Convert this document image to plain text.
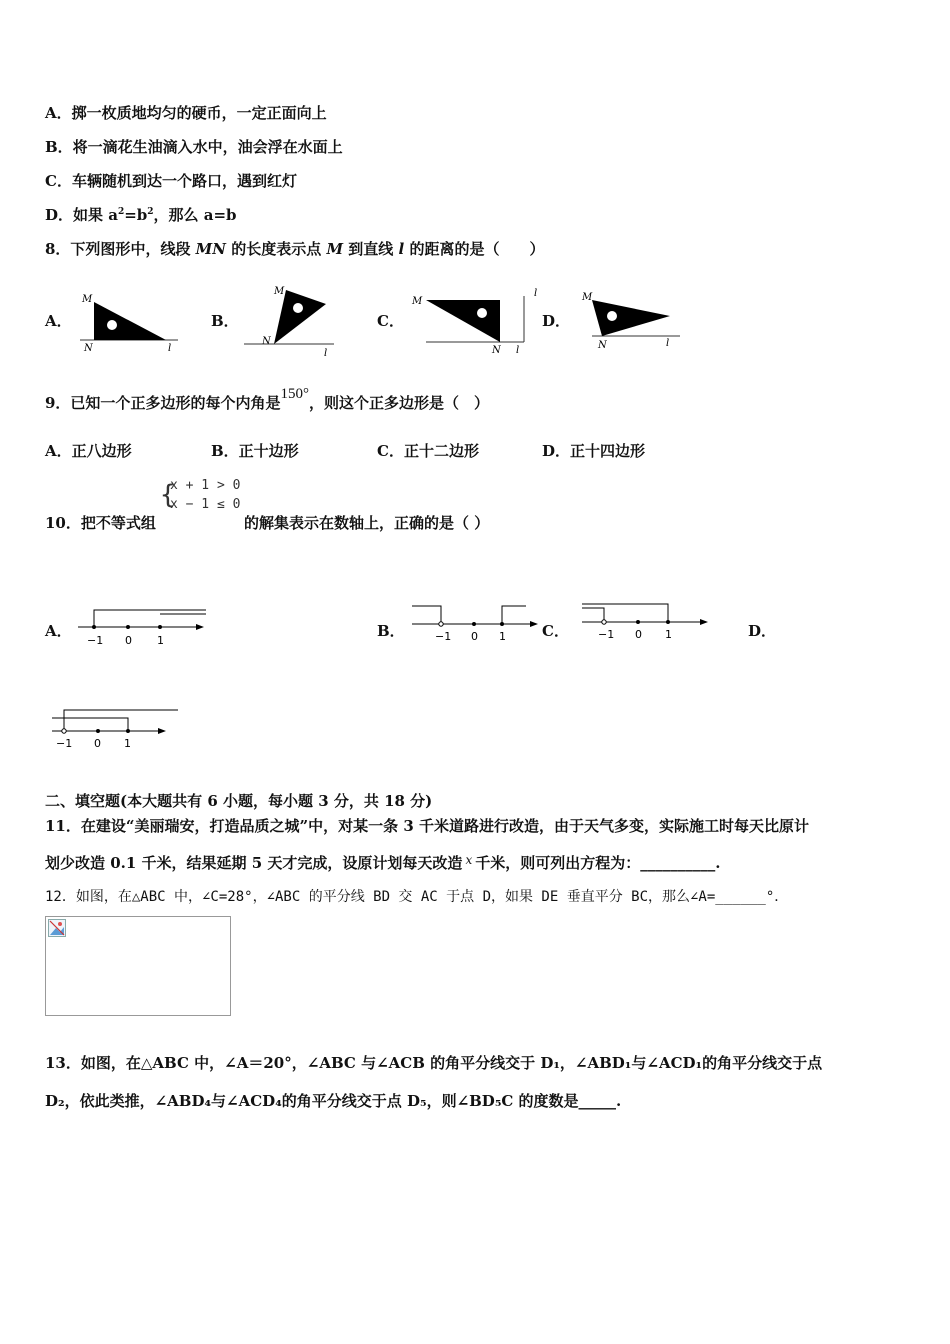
A．掷一枚质地均匀的硬币，一定正面向上
B．将一滴花生油滴入水中，油会浮在水面上
C．车辆随机到达一个路口，遇到红灯
D．如果 $a^2=b^2$，那么 a=b
8．下列图形中，线段 MN 的长度表示点 M 到直线 l 的距离的是（　　）
A．	B．	C．	D．
M
N	l
M
N
l
M
N l
l	M
N	l
9．已知一个正多边形的每个内角是150°，则这个正多边形是（　）
A．正八边形	B．正十边形	C．正十二边形	D．正十四边形
10．把不等式组
{
x + 1 > 0
x − 1 ≤ 0
的解集表示在数轴上，正确的是（ ）
A．	B．	C．	D．
−1 0 1	−1 0 1	−1 0 1
−1 0 1
二、填空题(本大题共有 6 小题，每小题 3 分，共 18 分)
11．在建设“美丽瑞安，打造品质之城”中，对某一条 3 千米道路进行改造，由于天气多变，实际施工时每天比原计
划少改造 0.1 千米，结果延期 5 天才完成，设原计划每天改造 $^x$ 千米，则可列出方程为：__________.
12．如图，在△ABC 中，∠C=28°，∠ABC 的平分线 BD 交 AC 于点 D，如果 DE 垂直平分 BC，那么∠A=______°．
13．如图，在△ABC 中，∠A＝20°，∠ABC 与∠ACB 的角平分线交于 D₁，∠ABD₁与∠ACD₁的角平分线交于点
D₂，依此类推，∠ABD₄与∠ACD₄的角平分线交于点 D₅，则∠BD₅C 的度数是_____.
